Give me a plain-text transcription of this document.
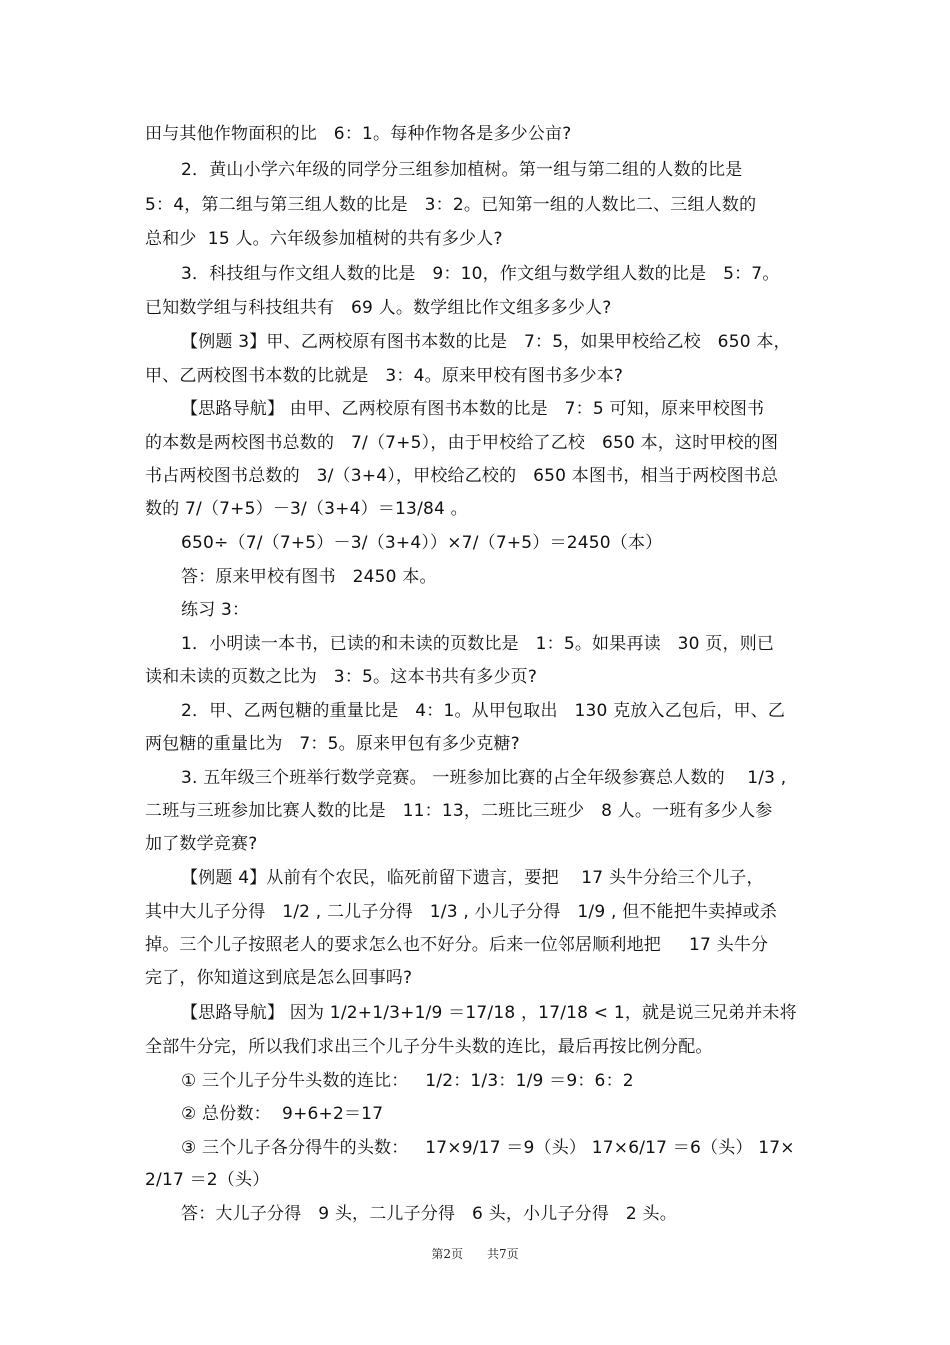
田与其他作物面积的比   6：1。每种作物各是多少公亩?
2．黄山小学六年级的同学分三组参加植树。第一组与第二组的人数的比是
5：4，第二组与第三组人数的比是   3：2。已知第一组的人数比二、三组人数的
总和少  15 人。六年级参加植树的共有多少人?
3．科技组与作文组人数的比是   9：10，作文组与数学组人数的比是   5：7。
已知数学组与科技组共有   69 人。数学组比作文组多多少人?
【例题 3】甲、乙两校原有图书本数的比是   7：5，如果甲校给乙校   650 本，
甲、乙两校图书本数的比就是   3：4。原来甲校有图书多少本?
【思路导航】 由甲、乙两校原有图书本数的比是   7：5 可知，原来甲校图书
的本数是两校图书总数的   7/（7+5），由于甲校给了乙校   650 本，这时甲校的图
书占两校图书总数的   3/（3+4），甲校给乙校的   650 本图书，相当于两校图书总
数的 7/（7+5）－3/（3+4）＝13/84 。
650÷（7/（7+5）－3/（3+4））×7/（7+5）＝2450（本）
答：原来甲校有图书   2450 本。
练习 3：
1．小明读一本书，已读的和未读的页数比是   1：5。如果再读   30 页，则已
读和未读的页数之比为   3：5。这本书共有多少页?
2．甲、乙两包糖的重量比是   4：1。从甲包取出   130 克放入乙包后，甲、乙
两包糖的重量比为   7：5。原来甲包有多少克糖?
3. 五年级三个班举行数学竞赛。 一班参加比赛的占全年级参赛总人数的    1/3 ,
二班与三班参加比赛人数的比是   11：13，二班比三班少   8 人。一班有多少人参
加了数学竞赛?
【例题 4】从前有个农民，临死前留下遗言，要把    17 头牛分给三个儿子，
其中大儿子分得   1/2 , 二儿子分得   1/3 , 小儿子分得   1/9 , 但不能把牛卖掉或杀
掉。三个儿子按照老人的要求怎么也不好分。后来一位邻居顺利地把     17 头牛分
完了，你知道这到底是怎么回事吗?
【思路导航】 因为 1/2+1/3+1/9 ＝17/18 ，17/18 < 1，就是说三兄弟并未将
全部牛分完，所以我们求出三个儿子分牛头数的连比，最后再按比例分配。
① 三个儿子分牛头数的连比：   1/2：1/3：1/9 ＝9：6：2
② 总份数：  9+6+2＝17
③ 三个儿子各分得牛的头数：   17×9/17 ＝9（头） 17×6/17 ＝6（头） 17×
2/17 ＝2（头）
答：大儿子分得   9 头，二儿子分得   6 头，小儿子分得   2 头。
第2页 共7页
